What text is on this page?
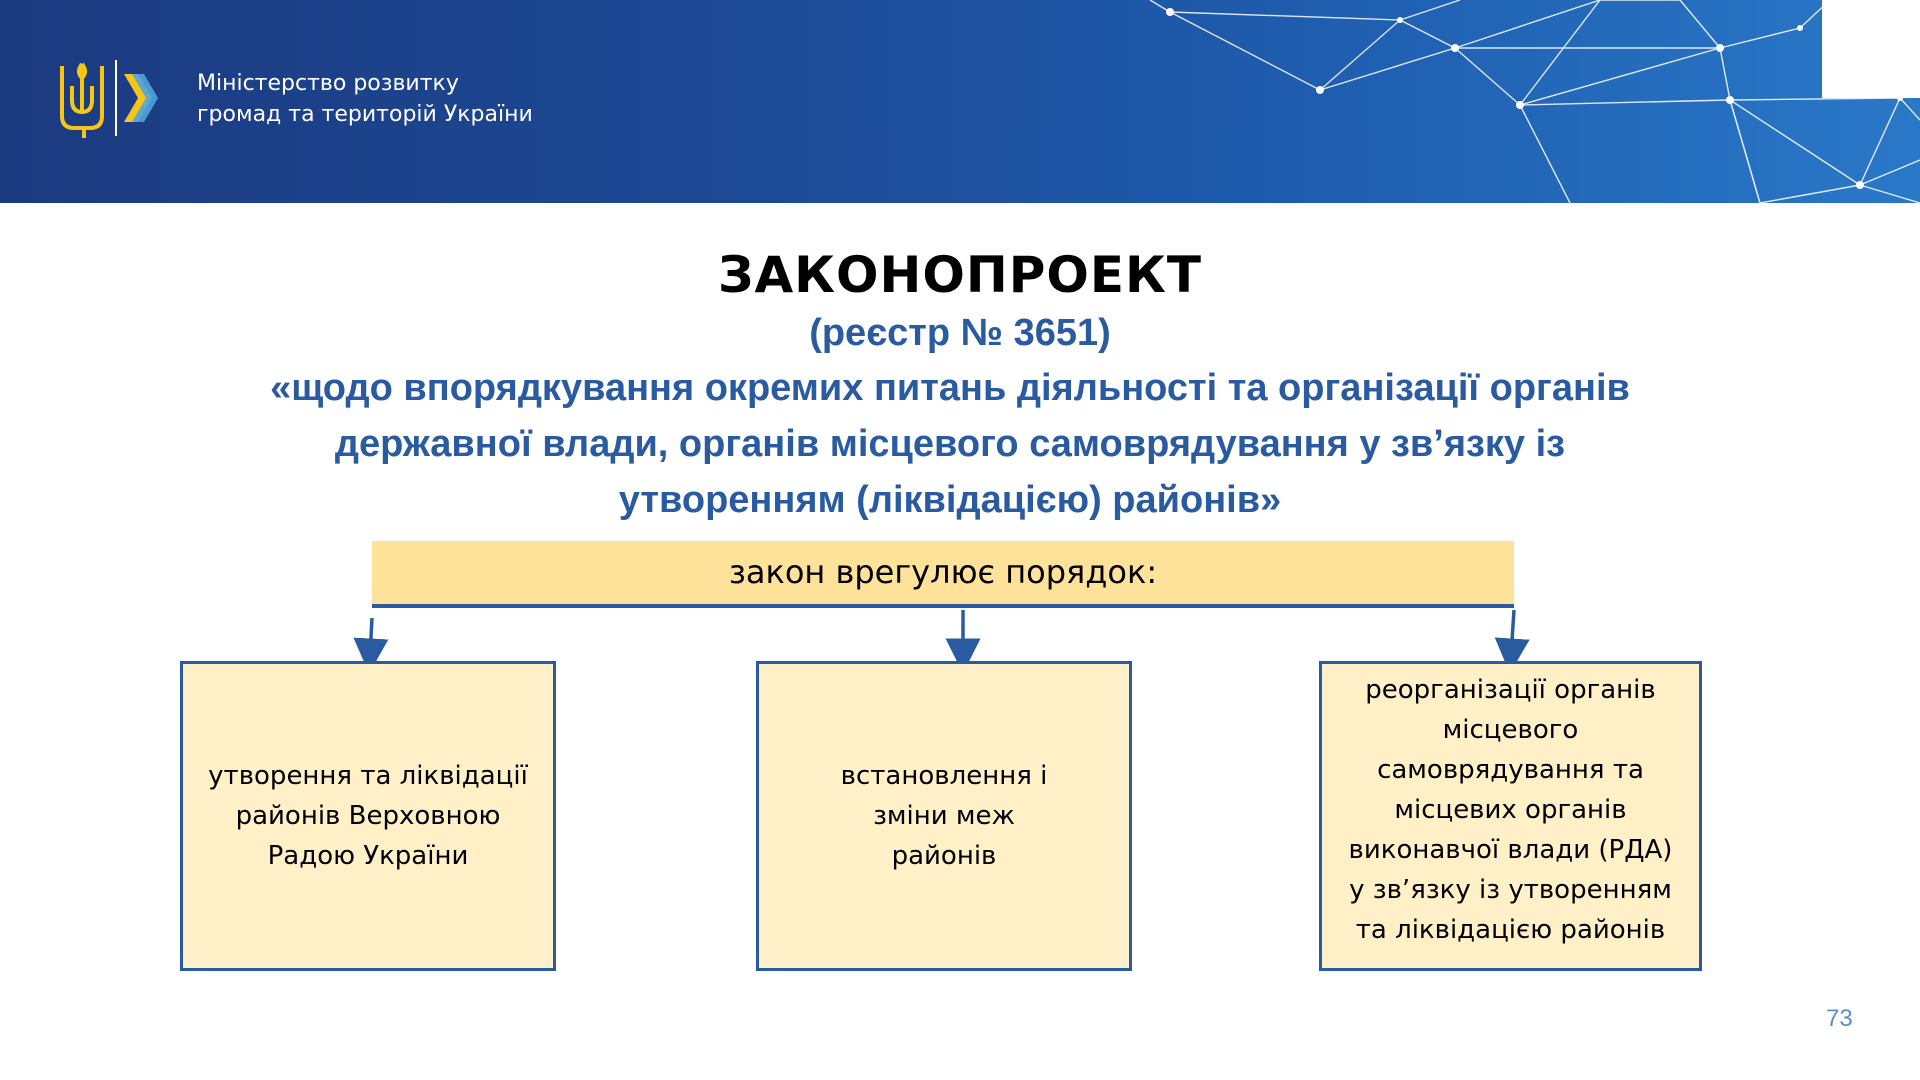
Міністерство розвитку
громад та територій України
ЗАКОНОПРОЕКТ
(реєстр № 3651)
«щодо впорядкування окремих питань діяльності та організації органів
державної влади, органів місцевого самоврядування у зв’язку із
утворенням (ліквідацією) районів»
закон врегулює порядок:
утворення та ліквідації
районів Верховною
Радою України
встановлення і
зміни меж
районів
реорганізації органів
місцевого
самоврядування та
місцевих органів
виконавчої влади (РДА)
у зв’язку із утворенням
та ліквідацією районів
73
